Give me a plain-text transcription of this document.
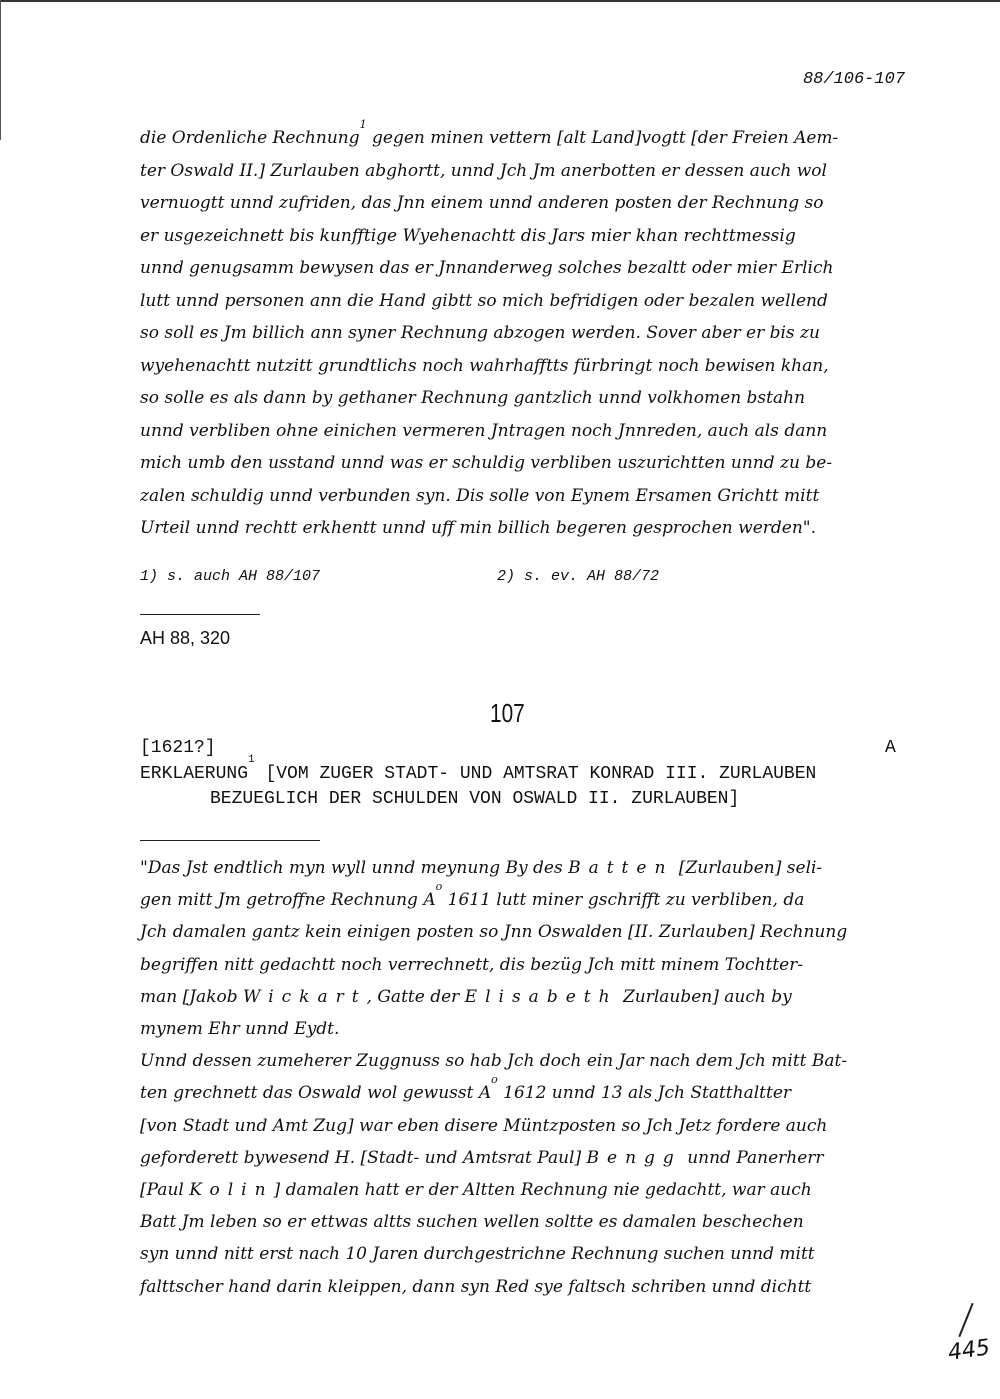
88/106-107
die Ordenliche Rechnung$^1$ gegen minen vettern [alt Land]vogtt [der Freien Aem-
ter Oswald II.] Zurlauben abghortt, unnd Jch Jm anerbotten er dessen auch wol
vernuogtt unnd zufriden, das Jnn einem unnd anderen posten der Rechnung so
er usgezeichnett bis kunfftige Wyehenachtt dis Jars mier khan rechttmessig
unnd genugsamm bewysen das er Jnnanderweg solches bezaltt oder mier Erlich
lutt unnd personen ann die Hand gibtt so mich befridigen oder bezalen wellend
so soll es Jm billich ann syner Rechnung abzogen werden. Sover aber er bis zu
wyehenachtt nutzitt grundtlichs noch wahrhafftts fürbringt noch bewisen khan,
so solle es als dann by gethaner Rechnung gantzlich unnd volkhomen bstahn
unnd verbliben ohne einichen vermeren Jntragen noch Jnnreden, auch als dann
mich umb den usstand unnd was er schuldig verbliben uszurichtten unnd zu be-
zalen schuldig unnd verbunden syn. Dis solle von Eynem Ersamen Grichtt mitt
Urteil unnd rechtt erkhentt unnd uff min billich begeren gesprochen werden".
1) s. auch AH 88/107	2) s. ev. AH 88/72
AH 88, 320
107
[1621?]	A
ERKLAERUNG$^1$ [VOM ZUGER STADT- UND AMTSRAT KONRAD III. ZURLAUBEN
BEZUEGLICH DER SCHULDEN VON OSWALD II. ZURLAUBEN]
"Das Jst endtlich myn wyll unnd meynung By des Batten [Zurlauben] seli-
gen mitt Jm getroffne Rechnung $A^o$ 1611 lutt miner gschrifft zu verbliben, da
Jch damalen gantz kein einigen posten so Jnn Oswalden [II. Zurlauben] Rechnung
begriffen nitt gedachtt noch verrechnett, dis bezüg Jch mitt minem Tochtter-
man [Jakob Wickart, Gatte der Elisabeth Zurlauben] auch by
mynem Ehr unnd Eydt.
Unnd dessen zumeherer Zuggnuss so hab Jch doch ein Jar nach dem Jch mitt Bat-
ten grechnett das Oswald wol gewusst $A^o$ 1612 unnd 13 als Jch Statthaltter
[von Stadt und Amt Zug] war eben disere Müntzposten so Jch Jetz fordere auch
geforderett bywesend H. [Stadt- und Amtsrat Paul] Bengg unnd Panerherr
[Paul Kolin] damalen hatt er der Altten Rechnung nie gedachtt, war auch
Batt Jm leben so er ettwas altts suchen wellen soltte es damalen beschechen
syn unnd nitt erst nach 10 Jaren durchgestrichne Rechnung suchen unnd mitt
falttscher hand darin kleippen, dann syn Red sye faltsch schriben unnd dichtt
445
